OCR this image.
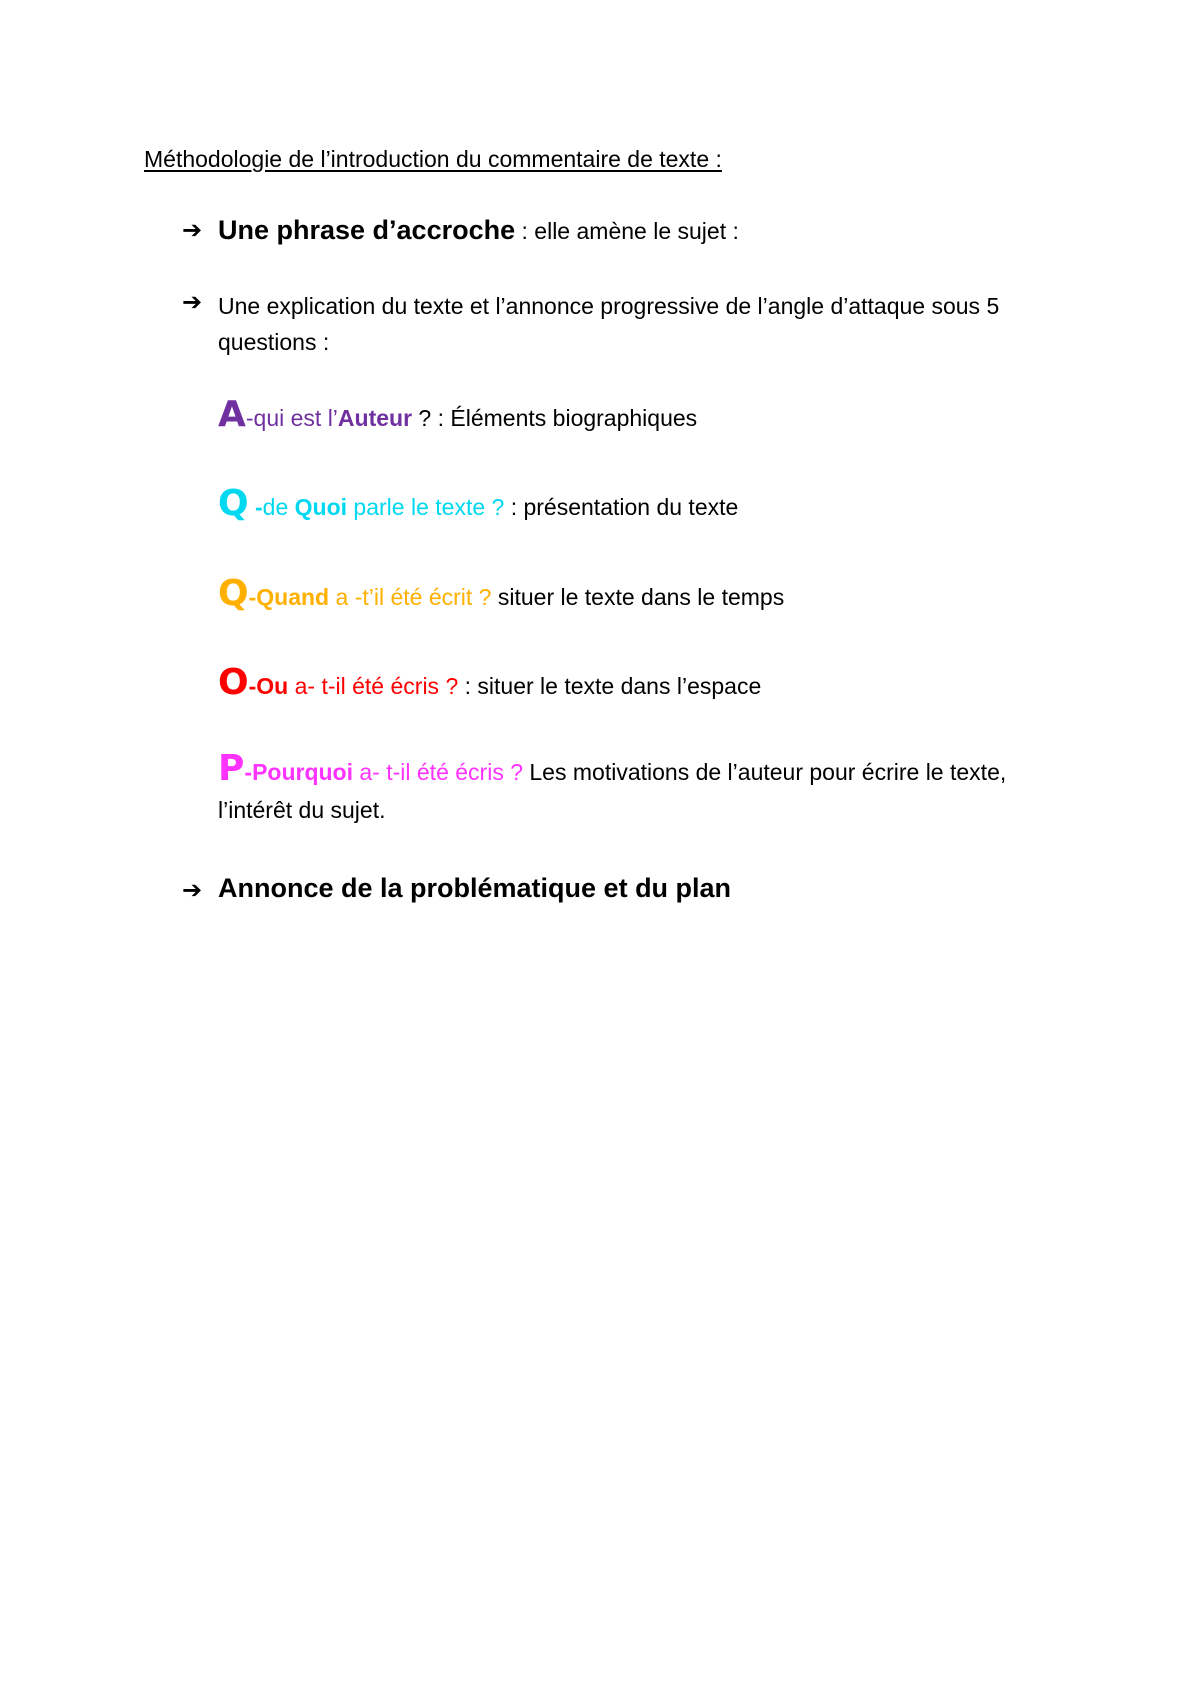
Méthodologie de l’introduction du commentaire de texte :
➔ Une phrase d’accroche : elle amène le sujet :
➔ Une explication du texte et l’annonce progressive de l’angle d’attaque sous 5 questions :
A-qui est l’Auteur ? : Éléments biographiques
Q -de Quoi parle le texte ? : présentation du texte
Q-Quand a -t’il été écrit ? situer le texte dans le temps
O-Ou a- t-il été écris ? : situer le texte dans l’espace
P-Pourquoi a- t-il été écris ? Les motivations de l’auteur pour écrire le texte, l’intérêt du sujet.
➔ Annonce de la problématique et du plan
